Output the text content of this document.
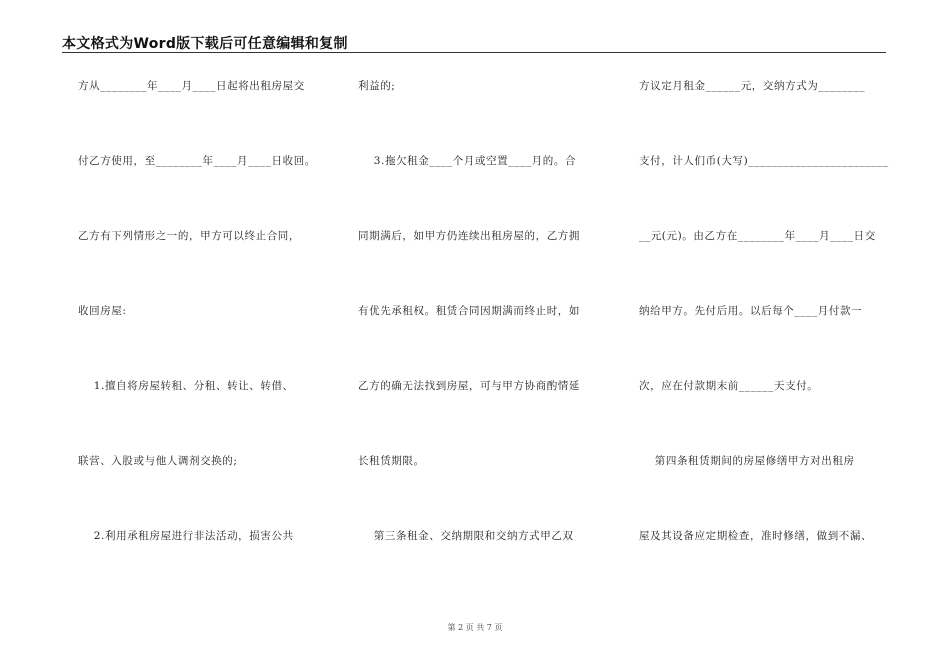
本文格式为Word版下载后可任意编辑和复制
方从________年____月____日起将出租房屋交
付乙方使用，至________年____月____日收回。
乙方有下列情形之一的，甲方可以终止合同，
收回房屋:
1.擅自将房屋转租、分租、转让、转借、
联营、入股或与他人调剂交换的;
2.利用承租房屋进行非法活动，损害公共
利益的;
3.拖欠租金____个月或空置____月的。合
同期满后，如甲方仍连续出租房屋的，乙方拥
有优先承租权。租赁合同因期满而终止时，如
乙方的确无法找到房屋，可与甲方协商酌情延
长租赁期限。
第三条租金、交纳期限和交纳方式甲乙双
方议定月租金______元，交纳方式为________
支付，计人们币(大写)________________________
__元(元)。由乙方在________年____月____日交
纳给甲方。先付后用。以后每个____月付款一
次，应在付款期末前______天支付。
第四条租赁期间的房屋修缮甲方对出租房
屋及其设备应定期检查，准时修缮，做到不漏、
第 2 页 共 7 页
